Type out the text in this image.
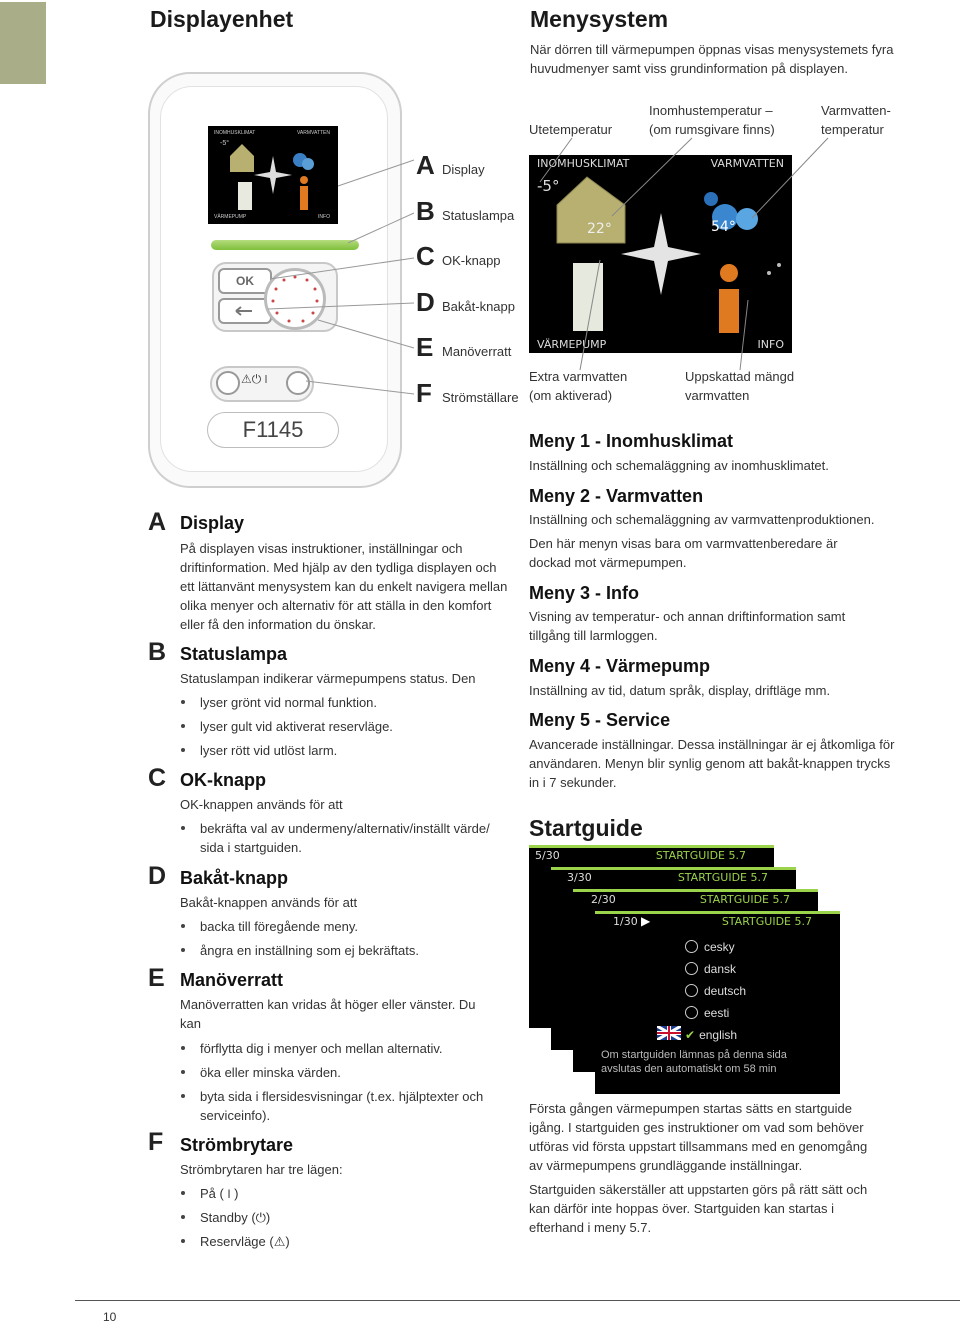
Displayenhet
INOMHUSKLIMAT	VARMVATTEN
VÄRMEPUMP	INFO
-5°
OK
⚠⏻⏽
F1145
A Display
B Statuslampa
COK-knapp
D Bakåt-knapp
E Manöverratt
F Strömställare
A Display
På displayen visas instruktioner, inställningar och driftinformation. Med hjälp av den tydliga displayen och ett lättanvänt menysystem kan du enkelt navigera mellan olika menyer och alternativ för att ställa in den komfort eller få den information du önskar.
B Statuslampa
Statuslampan indikerar värmepumpens status. Den
lyser grönt vid normal funktion.
lyser gult vid aktiverat reservläge.
lyser rött vid utlöst larm.
C OK-knapp
OK-knappen används för att
bekräfta val av undermeny/alternativ/inställt värde/ sida i startguiden.
D Bakåt-knapp
Bakåt-knappen används för att
backa till föregående meny.
ångra en inställning som ej bekräftats.
E Manöverratt
Manöverratten kan vridas åt höger eller vänster. Du kan
förflytta dig i menyer och mellan alternativ.
öka eller minska värden.
byta sida i flersidesvisningar (t.ex. hjälptexter och serviceinfo).
F Strömbrytare
Strömbrytaren har tre lägen:
På (⏽)
Standby (⏻)
Reservläge (⚠)
Menysystem
När dörren till värmepumpen öppnas visas menysystemets fyra huvudmenyer samt viss grundinformation på displayen.
Utetemperatur
Inomhustemperatur –
(om rumsgivare finns)
Varmvatten-
temperatur
INOMHUSKLIMAT	VARMVATTEN
VÄRMEPUMP	INFO
-5°
22°	54°
Extra varmvatten
(om aktiverad)
Uppskattad mängd
varmvatten
Meny 1 - Inomhusklimat
Inställning och schemaläggning av inomhusklimatet.
Meny 2 - Varmvatten
Inställning och schemaläggning av varmvattenproduktionen.
Den här menyn visas bara om varmvattenberedare är dockad mot värmepumpen.
Meny 3 - Info
Visning av temperatur- och annan driftinformation samt tillgång till larmloggen.
Meny 4 - Värmepump
Inställning av tid, datum språk, display, driftläge mm.
Meny 5 - Service
Avancerade inställningar. Dessa inställningar är ej åtkomliga för användaren. Menyn blir synlig genom att bakåt-knappen trycks in i 7 sekunder.
Startguide
5/30	STARTGUIDE 5.7
3/30	STARTGUIDE 5.7
2/30	STARTGUIDE 5.7
1/30 ▶	STARTGUIDE 5.7
cesky
dansk
deutsch
eesti
✔ english
Om startguiden lämnas på denna sida avslutas den automatiskt om 58 min
Första gången värmepumpen startas sätts en startguide igång. I startguiden ges instruktioner om vad som behöver utföras vid första uppstart tillsammans med en genomgång av värmepumpens grundläggande inställningar.
Startguiden säkerställer att uppstarten görs på rätt sätt och kan därför inte hoppas över. Startguiden kan startas i efterhand i meny 5.7.
10
